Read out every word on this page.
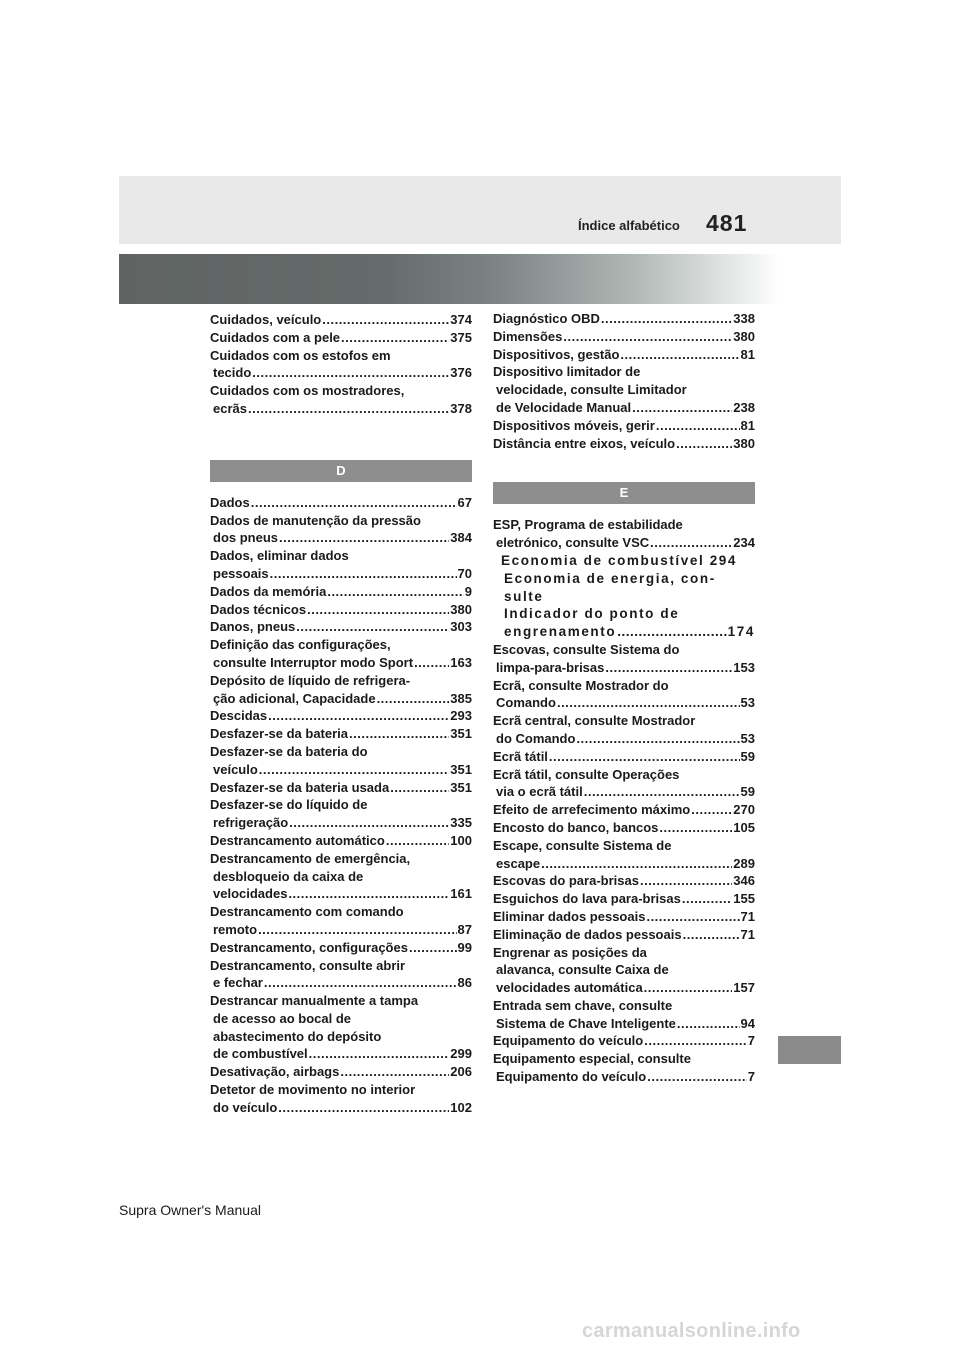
Índice alfabético 481
Cuidados, veículo .....	374
Cuidados com a pele .....	375
Cuidados com os estofos em
tecido .....	376
Cuidados com os mostradores,
ecrãs .....	378
D
Dados .....	67
Dados de manutenção da pressão
dos pneus .....	384
Dados, eliminar dados
pessoais .....	70
Dados da memória .....	9
Dados técnicos .....	380
Danos, pneus .....	303
Definição das configurações,
consulte Interruptor modo Sport .....	163
Depósito de líquido de refrigera-
ção adicional, Capacidade .....	385
Descidas .....	293
Desfazer-se da bateria .....	351
Desfazer-se da bateria do
veículo .....	351
Desfazer-se da bateria usada .....	351
Desfazer-se do líquido de
refrigeração .....	335
Destrancamento automático .....	100
Destrancamento de emergência,
desbloqueio da caixa de
velocidades .....	161
Destrancamento com comando
remoto .....	87
Destrancamento, configurações .....	99
Destrancamento, consulte abrir
e fechar .....	86
Destrancar manualmente a tampa
de acesso ao bocal de
abastecimento do depósito
de combustível .....	299
Desativação, airbags .....	206
Detetor de movimento no interior
do veículo .....	102
Diagnóstico OBD .....	338
Dimensões .....	380
Dispositivos, gestão .....	81
Dispositivo limitador de
velocidade, consulte Limitador
de Velocidade Manual .....	238
Dispositivos móveis, gerir .....	81
Distância entre eixos, veículo .....	380
E
ESP, Programa de estabilidade
eletrónico, consulte VSC .....	234
Economia de combustível 294
Economia de energia, con-
sulte
Indicador do ponto de
engrenamento .....	174
Escovas, consulte Sistema do
limpa-para-brisas .....	153
Ecrã, consulte Mostrador do
Comando .....	53
Ecrã central, consulte Mostrador
do Comando .....	53
Ecrã tátil .....	59
Ecrã tátil, consulte Operações
via o ecrã tátil .....	59
Efeito de arrefecimento máximo .....	270
Encosto do banco, bancos .....	105
Escape, consulte Sistema de
escape .....	289
Escovas do para-brisas .....	346
Esguichos do lava para-brisas .....	155
Eliminar dados pessoais .....	71
Eliminação de dados pessoais .....	71
Engrenar as posições da
alavanca, consulte Caixa de
velocidades automática .....	157
Entrada sem chave, consulte
Sistema de Chave Inteligente .....	94
Equipamento do veículo .....	7
Equipamento especial, consulte
Equipamento do veículo .....	7
Supra Owner's Manual
carmanualsonline.info
